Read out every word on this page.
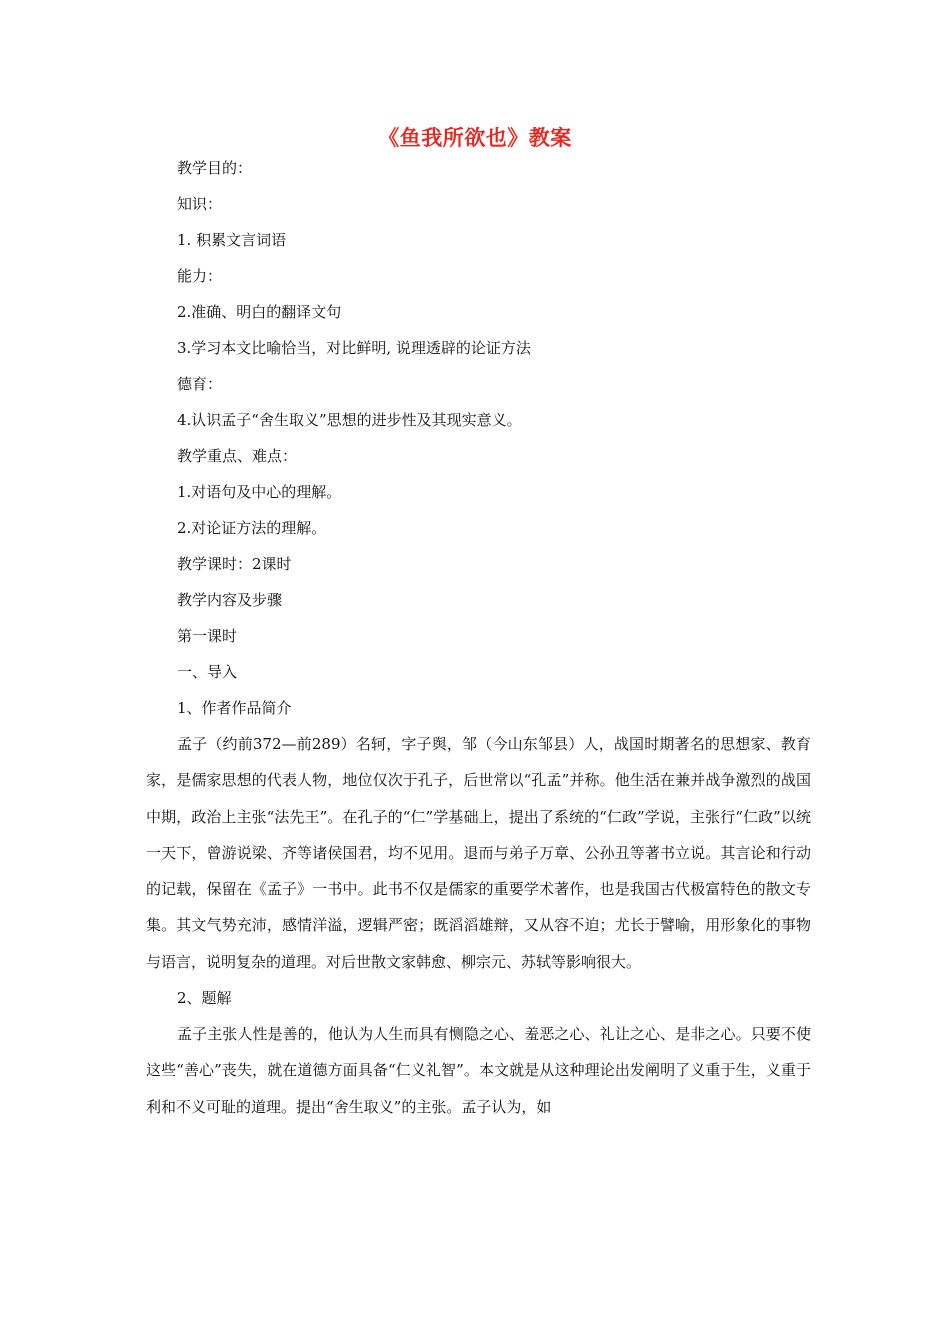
《鱼我所欲也》教案
教学目的：
知识：
1. 积累文言词语
能力：
2.准确、明白的翻译文句
3.学习本文比喻恰当，对比鲜明, 说理透辟的论证方法
德育：
4.认识孟子“舍生取义”思想的进步性及其现实意义。
教学重点、难点：
1.对语句及中心的理解。
2.对论证方法的理解。
教学课时：2课时
教学内容及步骤
第一课时
一、导入
1、作者作品简介

孟子（约前372—前289）名轲，字子舆，邹（今山东邹县）人，战国时期著名的思想家、教育家，是儒家思想的代表人物，地位仅次于孔子，后世常以“孔孟”并称。他生活在兼并战争激烈的战国中期，政治上主张“法先王”。在孔子的“仁”学基础上，提出了系统的“仁政”学说，主张行“仁政”以统一天下，曾游说梁、齐等诸侯国君，均不见用。退而与弟子万章、公孙丑等著书立说。其言论和行动的记载，保留在《孟子》一书中。此书不仅是儒家的重要学术著作，也是我国古代极富特色的散文专集。其文气势充沛，感情洋溢，逻辑严密；既滔滔雄辩，又从容不迫；尤长于譬喻，用形象化的事物与语言，说明复杂的道理。对后世散文家韩愈、柳宗元、苏轼等影响很大。

2、题解

孟子主张人性是善的，他认为人生而具有恻隐之心、羞恶之心、礼让之心、是非之心。只要不使这些“善心”丧失，就在道德方面具备“仁义礼智”。本文就是从这种理论出发阐明了义重于生，义重于利和不义可耻的道理。提出“舍生取义”的主张。孟子认为，如
